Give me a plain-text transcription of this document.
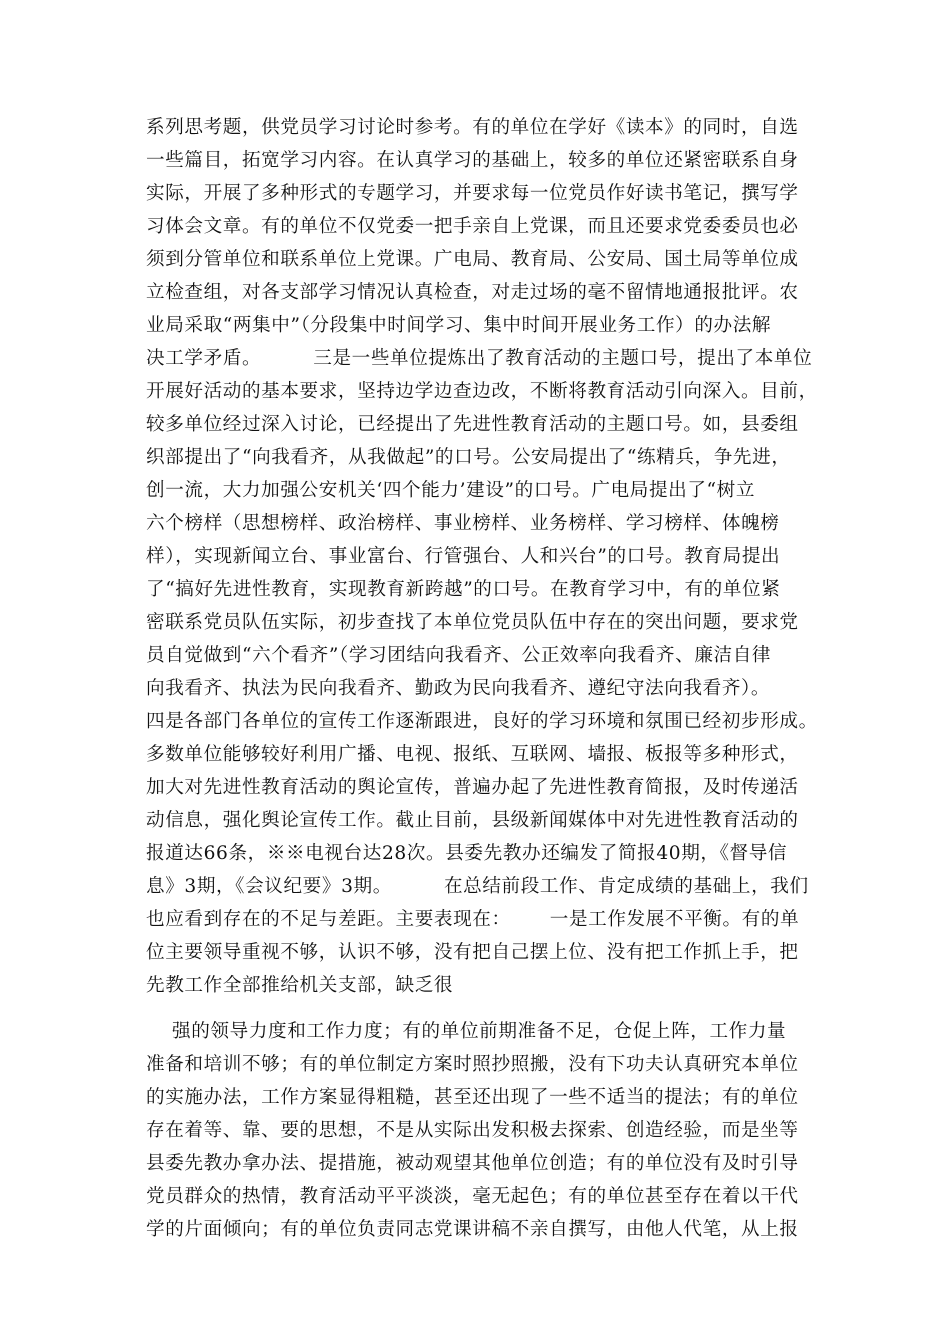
系列思考题，供党员学习讨论时参考。有的单位在学好《读本》的同时，自选
一些篇目，拓宽学习内容。在认真学习的基础上，较多的单位还紧密联系自身
实际，开展了多种形式的专题学习，并要求每一位党员作好读书笔记，撰写学
习体会文章。有的单位不仅党委一把手亲自上党课，而且还要求党委委员也必
须到分管单位和联系单位上党课。广电局、教育局、公安局、国土局等单位成
立检查组，对各支部学习情况认真检查，对走过场的毫不留情地通报批评。农
业局采取“两集中”（分段集中时间学习、集中时间开展业务工作）的办法解
决工学矛盾。        三是一些单位提炼出了教育活动的主题口号，提出了本单位
开展好活动的基本要求，坚持边学边查边改，不断将教育活动引向深入。目前，
较多单位经过深入讨论，已经提出了先进性教育活动的主题口号。如，县委组
织部提出了“向我看齐，从我做起”的口号。公安局提出了“练精兵，争先进，
创一流，大力加强公安机关‘四个能力’建设”的口号。广电局提出了“树立
六个榜样（思想榜样、政治榜样、事业榜样、业务榜样、学习榜样、体魄榜
样），实现新闻立台、事业富台、行管强台、人和兴台”的口号。教育局提出
了“搞好先进性教育，实现教育新跨越”的口号。在教育学习中，有的单位紧
密联系党员队伍实际，初步查找了本单位党员队伍中存在的突出问题，要求党
员自觉做到“六个看齐”（学习团结向我看齐、公正效率向我看齐、廉洁自律
向我看齐、执法为民向我看齐、勤政为民向我看齐、遵纪守法向我看齐）。
四是各部门各单位的宣传工作逐渐跟进，良好的学习环境和氛围已经初步形成。
多数单位能够较好利用广播、电视、报纸、互联网、墙报、板报等多种形式，
加大对先进性教育活动的舆论宣传，普遍办起了先进性教育简报，及时传递活
动信息，强化舆论宣传工作。截止目前，县级新闻媒体中对先进性教育活动的
报道达66条，※※电视台达28次。县委先教办还编发了简报40期，《督导信
息》3期，《会议纪要》3期。        在总结前段工作、肯定成绩的基础上，我们
也应看到存在的不足与差距。主要表现在：      一是工作发展不平衡。有的单
位主要领导重视不够，认识不够，没有把自己摆上位、没有把工作抓上手，把
先教工作全部推给机关支部，缺乏很
强的领导力度和工作力度；有的单位前期准备不足，仓促上阵，工作力量
准备和培训不够；有的单位制定方案时照抄照搬，没有下功夫认真研究本单位
的实施办法，工作方案显得粗糙，甚至还出现了一些不适当的提法；有的单位
存在着等、靠、要的思想，不是从实际出发积极去探索、创造经验，而是坐等
县委先教办拿办法、提措施，被动观望其他单位创造；有的单位没有及时引导
党员群众的热情，教育活动平平淡淡，毫无起色；有的单位甚至存在着以干代
学的片面倾向；有的单位负责同志党课讲稿不亲自撰写，由他人代笔，从上报
